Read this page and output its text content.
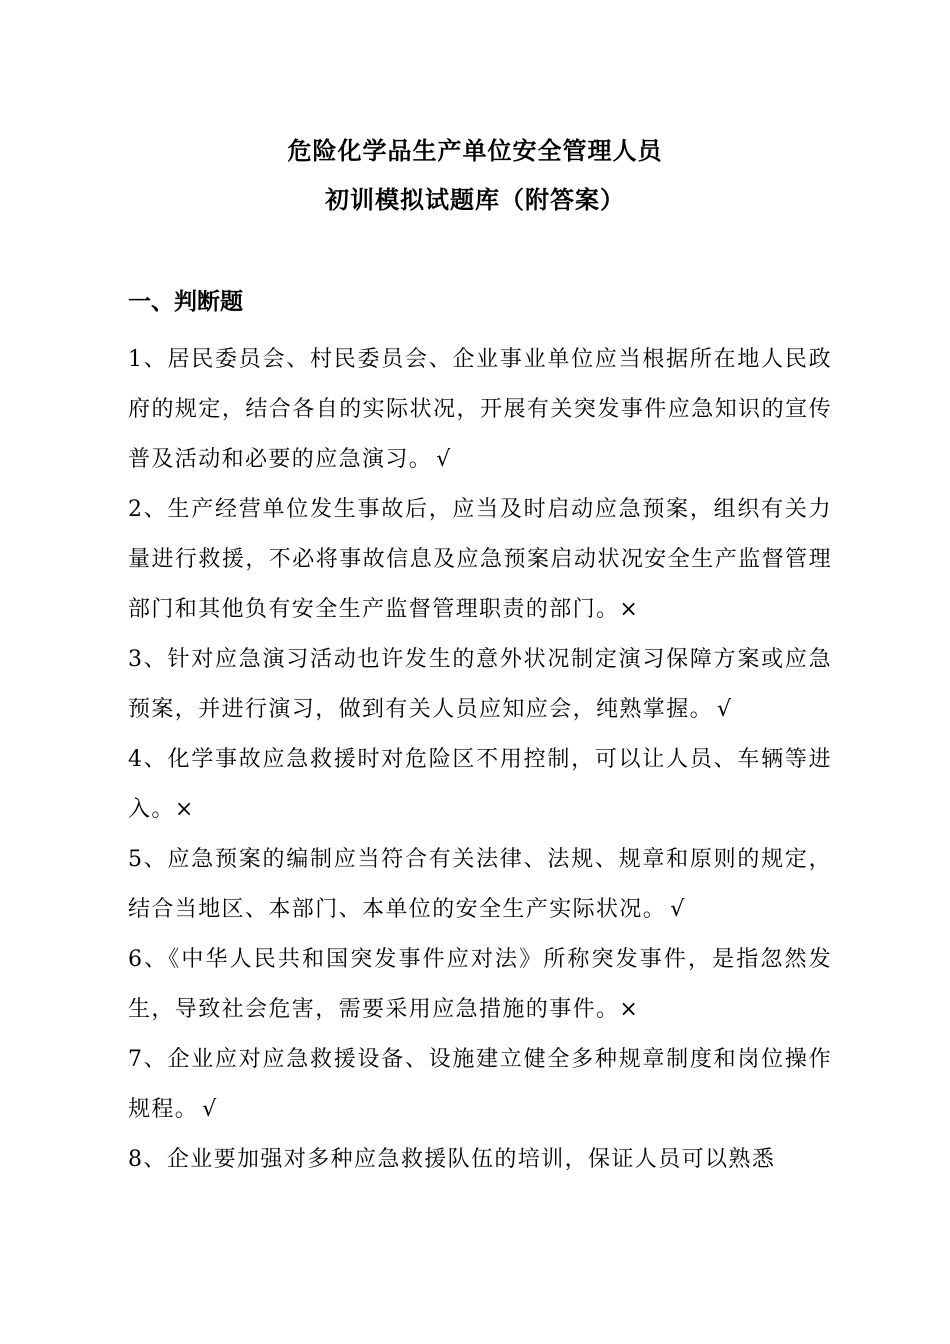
危险化学品生产单位安全管理人员
初训模拟试题库（附答案）
一、判断题
1、居民委员会、村民委员会、企业事业单位应当根据所在地人民政府的规定，结合各自的实际状况，开展有关突发事件应急知识的宣传普及活动和必要的应急演习。 √
2、生产经营单位发生事故后，应当及时启动应急预案，组织有关力量进行救援，不必将事故信息及应急预案启动状况安全生产监督管理部门和其他负有安全生产监督管理职责的部门。×
3、针对应急演习活动也许发生的意外状况制定演习保障方案或应急预案，并进行演习，做到有关人员应知应会，纯熟掌握。 √
4、化学事故应急救援时对危险区不用控制，可以让人员、车辆等进入。×
5、应急预案的编制应当符合有关法律、法规、规章和原则的规定，结合当地区、本部门、本单位的安全生产实际状况。 √
6、《中华人民共和国突发事件应对法》所称突发事件，是指忽然发生，导致社会危害，需要采用应急措施的事件。×
7、企业应对应急救援设备、设施建立健全多种规章制度和岗位操作规程。 √
8、企业要加强对多种应急救援队伍的培训，保证人员可以熟悉
